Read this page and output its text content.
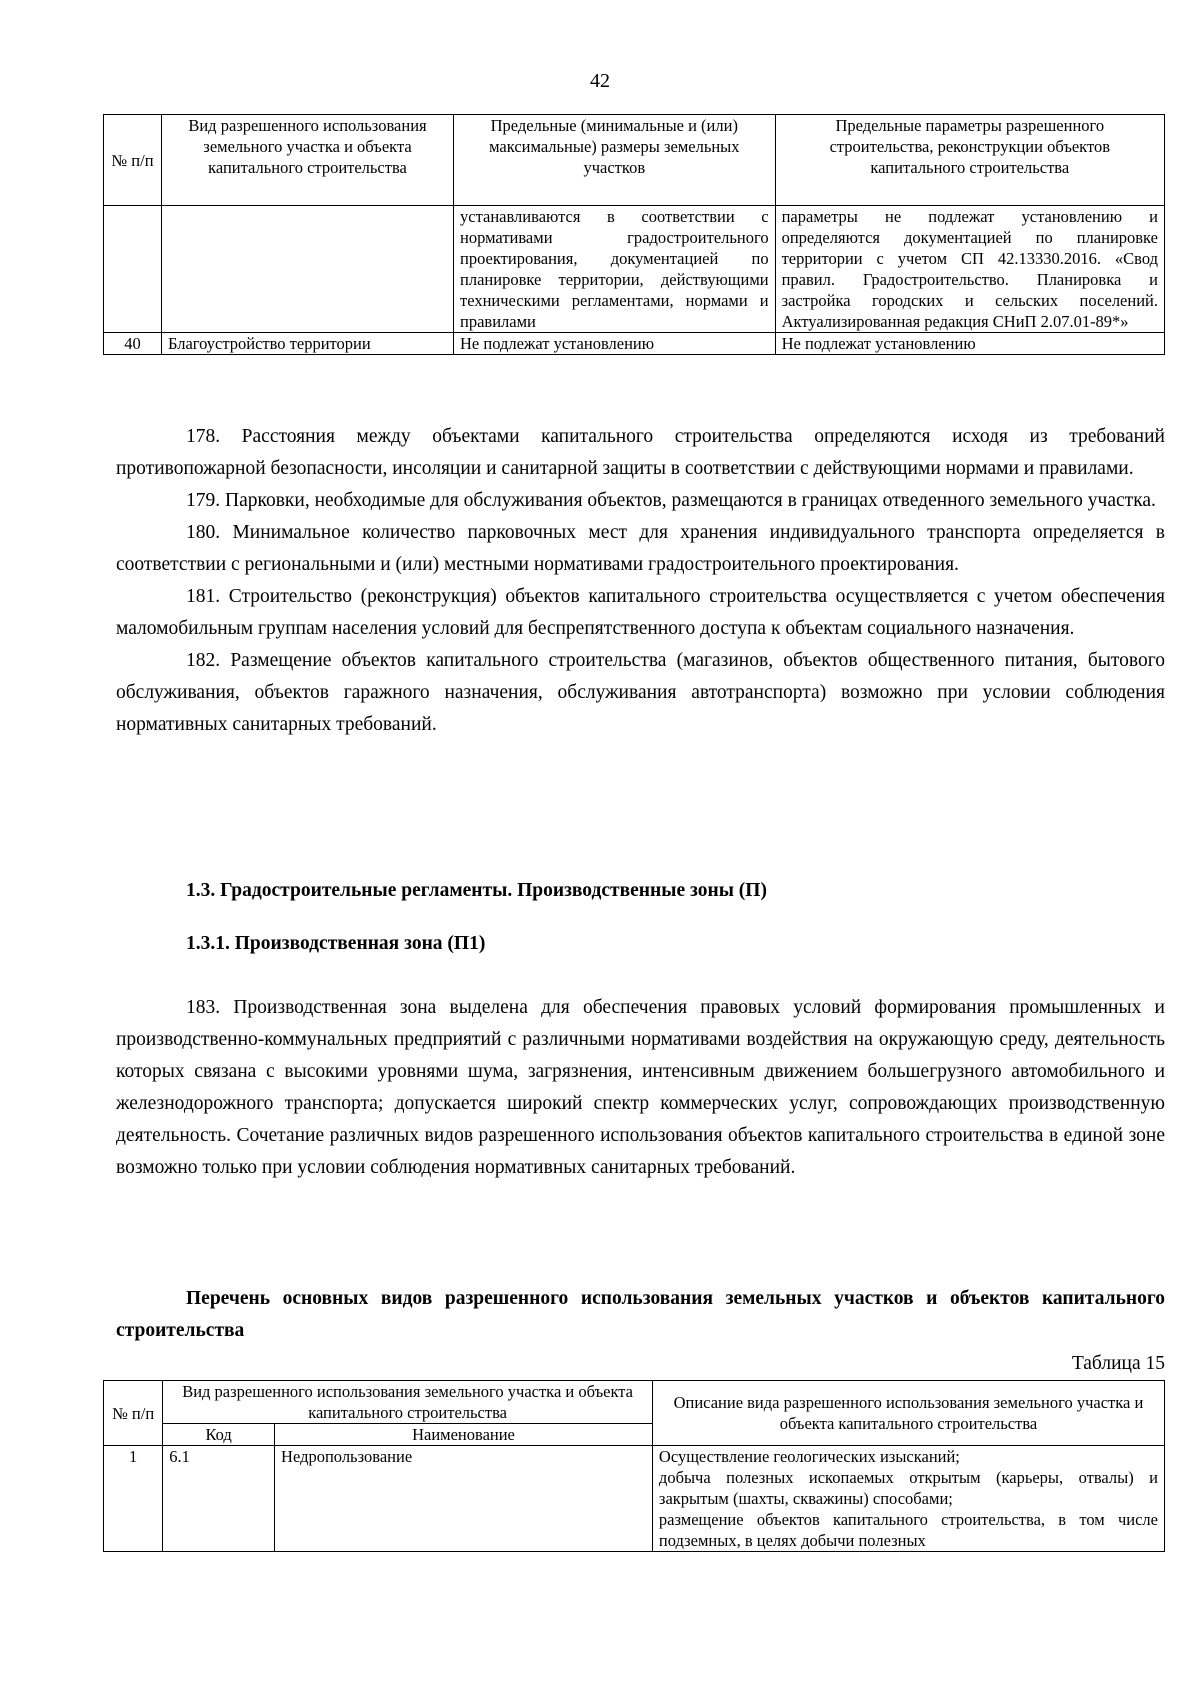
42
№ п/п	Вид разрешенного использования земельного участка и объекта капитального строительства	Предельные (минимальные и (или) максимальные) размеры земельных участков	Предельные параметры разрешенного строительства, реконструкции объектов капитального строительства
		устанавливаются в соответствии с нормативами градостроительного проектирования, документацией по планировке территории, действующими техническими регламентами, нормами и правилами	параметры не подлежат установлению и определяются документацией по планировке территории с учетом СП 42.13330.2016. «Свод правил. Градостроительство. Планировка и застройка городских и сельских поселений. Актуализированная редакция СНиП 2.07.01-89*»
40	Благоустройство территории	Не подлежат установлению	Не подлежат установлению

178. Расстояния между объектами капитального строительства определяются исходя из требований противопожарной безопасности, инсоляции и санитарной защиты в соответствии с действующими нормами и правилами.

179. Парковки, необходимые для обслуживания объектов, размещаются в границах отведенного земельного участка.

180. Минимальное количество парковочных мест для хранения индивидуального транспорта определяется в соответствии с региональными и (или) местными нормативами градостроительного проектирования.

181. Строительство (реконструкция) объектов капитального строительства осуществляется с учетом обеспечения маломобильным группам населения условий для беспрепятственного доступа к объектам социального назначения.

182. Размещение объектов капитального строительства (магазинов, объектов общественного питания, бытового обслуживания, объектов гаражного назначения, обслуживания автотранспорта) возможно при условии соблюдения нормативных санитарных требований.

1.3. Градостроительные регламенты. Производственные зоны (П)
1.3.1. Производственная зона (П1)

183. Производственная зона выделена для обеспечения правовых условий формирования промышленных и производственно-коммунальных предприятий с различными нормативами воздействия на окружающую среду, деятельность которых связана с высокими уровнями шума, загрязнения, интенсивным движением большегрузного автомобильного и железнодорожного транспорта; допускается широкий спектр коммерческих услуг, сопровождающих производственную деятельность. Сочетание различных видов разрешенного использования объектов капитального строительства в единой зоне возможно только при условии соблюдения нормативных санитарных требований.

Перечень основных видов разрешенного использования земельных участков и объектов капитального строительства

Таблица 15
№ п/п	Вид разрешенного использования земельного участка и объекта капитального строительства		Описание вида разрешенного использования земельного участка и объекта капитального строительства
	Код	Наименование	
1	6.1	Недропользование	Осуществление геологических изысканий;
добыча полезных ископаемых открытым (карьеры, отвалы) и закрытым (шахты, скважины) способами;
размещение объектов капитального строительства, в том числе подземных, в целях добычи полезных
